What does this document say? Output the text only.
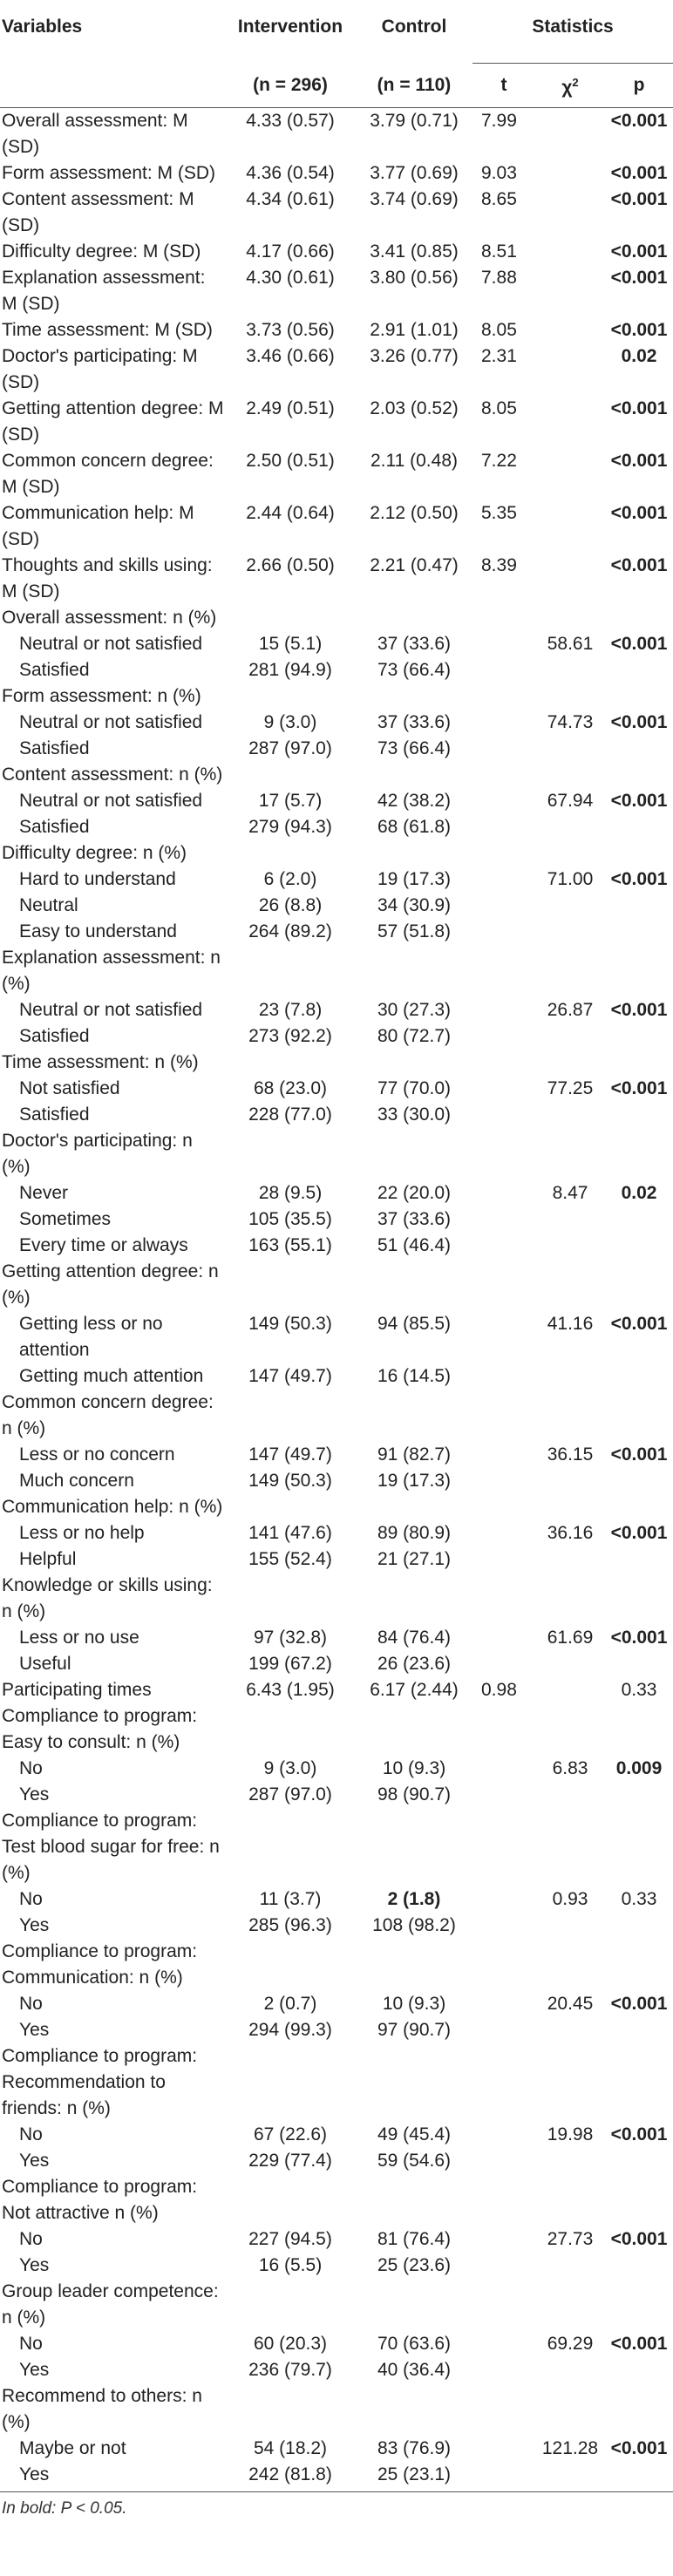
Variables	Intervention	Control	Statistics		
	(n = 296)	(n = 110)	t	$\chi^2$	p
Overall assessment: M (SD)	4.33 (0.57)	3.79 (0.71)	7.99		<0.001
Form assessment: M (SD)	4.36 (0.54)	3.77 (0.69)	9.03		<0.001
Content assessment: M (SD)	4.34 (0.61)	3.74 (0.69)	8.65		<0.001
Difficulty degree: M (SD)	4.17 (0.66)	3.41 (0.85)	8.51		<0.001
Explanation assessment: M (SD)	4.30 (0.61)	3.80 (0.56)	7.88		<0.001
Time assessment: M (SD)	3.73 (0.56)	2.91 (1.01)	8.05		<0.001
Doctor's participating: M (SD)	3.46 (0.66)	3.26 (0.77)	2.31		0.02
Getting attention degree: M (SD)	2.49 (0.51)	2.03 (0.52)	8.05		<0.001
Common concern degree: M (SD)	2.50 (0.51)	2.11 (0.48)	7.22		<0.001
Communication help: M (SD)	2.44 (0.64)	2.12 (0.50)	5.35		<0.001
Thoughts and skills using: M (SD)	2.66 (0.50)	2.21 (0.47)	8.39		<0.001
Overall assessment: n (%)					
Neutral or not satisfied	15 (5.1)	37 (33.6)		58.61	<0.001
Satisfied	281 (94.9)	73 (66.4)			
Form assessment: n (%)					
Neutral or not satisfied	9 (3.0)	37 (33.6)		74.73	<0.001
Satisfied	287 (97.0)	73 (66.4)			
Content assessment: n (%)					
Neutral or not satisfied	17 (5.7)	42 (38.2)		67.94	<0.001
Satisfied	279 (94.3)	68 (61.8)			
Difficulty degree: n (%)					
Hard to understand	6 (2.0)	19 (17.3)		71.00	<0.001
Neutral	26 (8.8)	34 (30.9)			
Easy to understand	264 (89.2)	57 (51.8)			
Explanation assessment: n (%)					
Neutral or not satisfied	23 (7.8)	30 (27.3)		26.87	<0.001
Satisfied	273 (92.2)	80 (72.7)			
Time assessment: n (%)					
Not satisfied	68 (23.0)	77 (70.0)		77.25	<0.001
Satisfied	228 (77.0)	33 (30.0)			
Doctor's participating: n (%)					
Never	28 (9.5)	22 (20.0)		8.47	0.02
Sometimes	105 (35.5)	37 (33.6)			
Every time or always	163 (55.1)	51 (46.4)			
Getting attention degree: n (%)					
Getting less or no attention	149 (50.3)	94 (85.5)		41.16	<0.001
Getting much attention	147 (49.7)	16 (14.5)			
Common concern degree: n (%)					
Less or no concern	147 (49.7)	91 (82.7)		36.15	<0.001
Much concern	149 (50.3)	19 (17.3)			
Communication help: n (%)					
Less or no help	141 (47.6)	89 (80.9)		36.16	<0.001
Helpful	155 (52.4)	21 (27.1)			
Knowledge or skills using: n (%)					
Less or no use	97 (32.8)	84 (76.4)		61.69	<0.001
Useful	199 (67.2)	26 (23.6)			
Participating times	6.43 (1.95)	6.17 (2.44)	0.98		0.33
Compliance to program: Easy to consult: n (%)					
No	9 (3.0)	10 (9.3)		6.83	0.009
Yes	287 (97.0)	98 (90.7)			
Compliance to program: Test blood sugar for free: n (%)					
No	11 (3.7)	2 (1.8)		0.93	0.33
Yes	285 (96.3)	108 (98.2)			
Compliance to program: Communication: n (%)					
No	2 (0.7)	10 (9.3)		20.45	<0.001
Yes	294 (99.3)	97 (90.7)			
Compliance to program: Recommendation to friends: n (%)					
No	67 (22.6)	49 (45.4)		19.98	<0.001
Yes	229 (77.4)	59 (54.6)			
Compliance to program: Not attractive n (%)					
No	227 (94.5)	81 (76.4)		27.73	<0.001
Yes	16 (5.5)	25 (23.6)			
Group leader competence: n (%)					
No	60 (20.3)	70 (63.6)		69.29	<0.001
Yes	236 (79.7)	40 (36.4)			
Recommend to others: n (%)					
Maybe or not	54 (18.2)	83 (76.9)		121.28	<0.001
Yes	242 (81.8)	25 (23.1)			
In bold: P < 0.05.
